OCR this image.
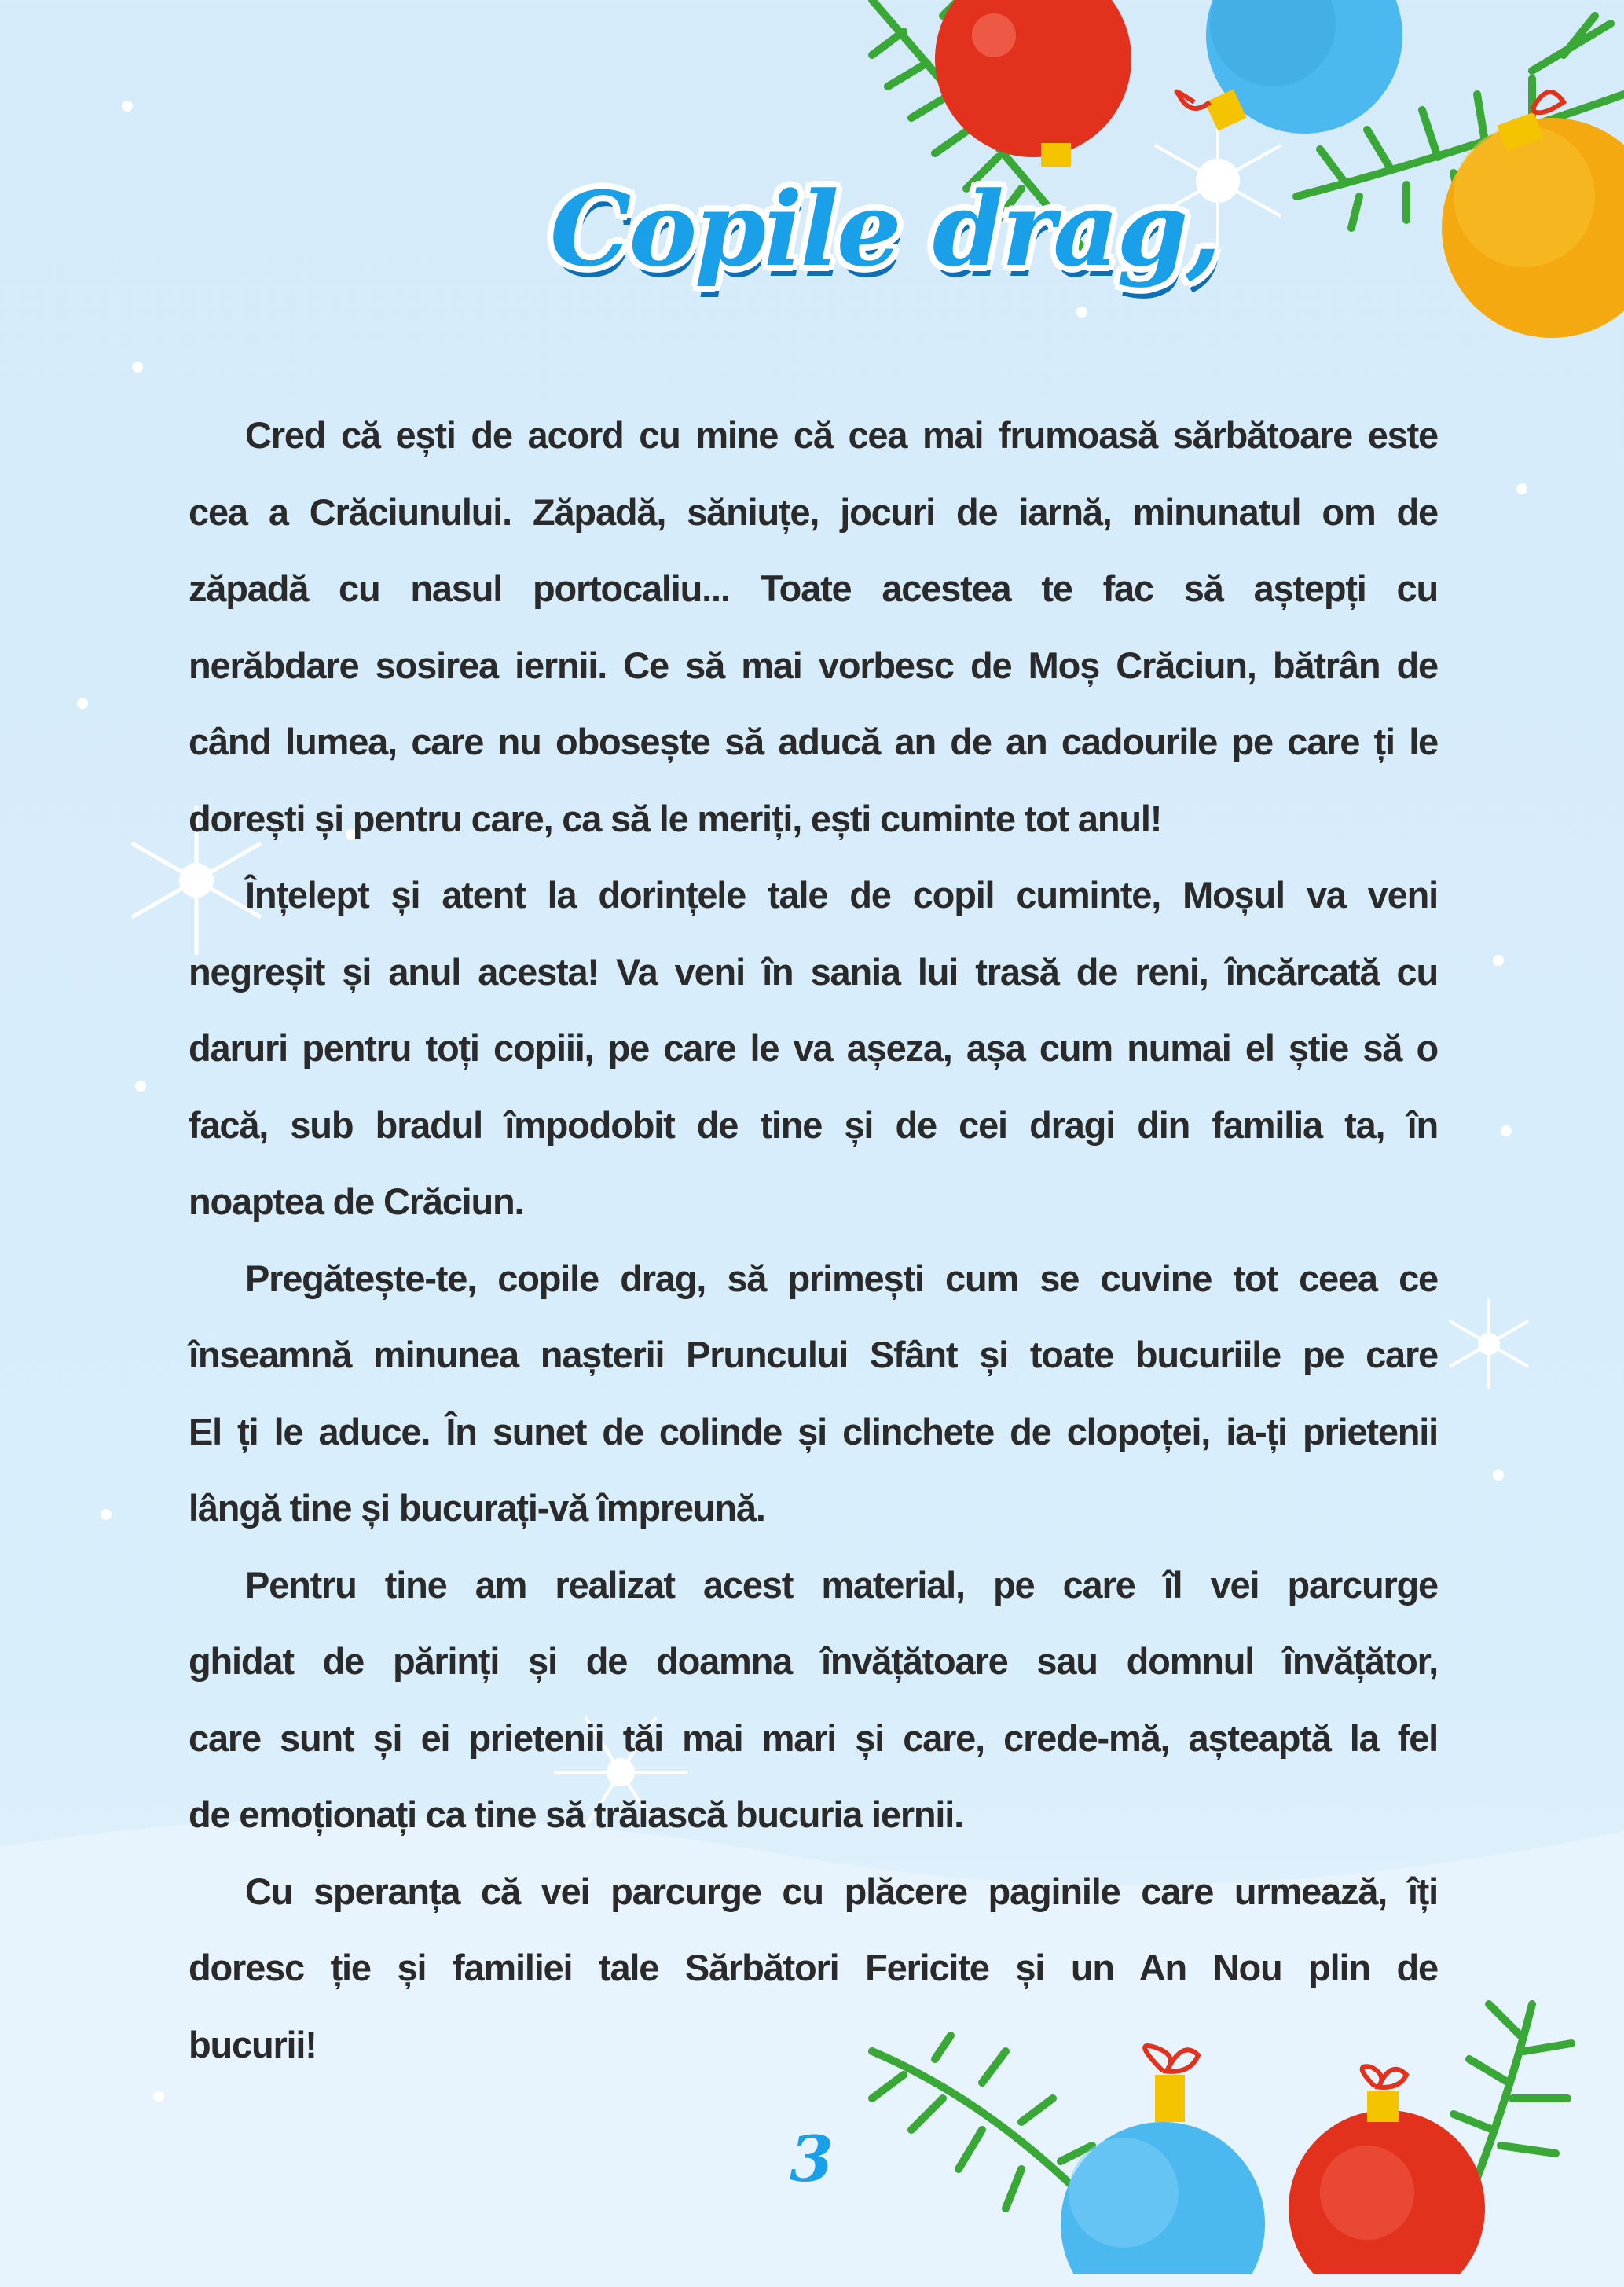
Copile drag,
Cred că ești de acord cu mine că cea mai frumoasă sărbătoare este
cea a Crăciunului. Zăpadă, săniuțe, jocuri de iarnă, minunatul om de
zăpadă cu nasul portocaliu... Toate acestea te fac să aștepți cu
nerăbdare sosirea iernii. Ce să mai vorbesc de Moș Crăciun, bătrân de
când lumea, care nu obosește să aducă an de an cadourile pe care ți le
dorești și pentru care, ca să le meriți, ești cuminte tot anul!
Înțelept și atent la dorințele tale de copil cuminte, Moșul va veni
negreșit și anul acesta! Va veni în sania lui trasă de reni, încărcată cu
daruri pentru toți copiii, pe care le va așeza, așa cum numai el știe să o
facă, sub bradul împodobit de tine și de cei dragi din familia ta, în
noaptea de Crăciun.
Pregătește-te, copile drag, să primești cum se cuvine tot ceea ce
înseamnă minunea nașterii Pruncului Sfânt și toate bucuriile pe care
El ți le aduce. În sunet de colinde și clinchete de clopoței, ia-ți prietenii
lângă tine și bucurați-vă împreună.
Pentru tine am realizat acest material, pe care îl vei parcurge
ghidat de părinți și de doamna învățătoare sau domnul învățător,
care sunt și ei prietenii tăi mai mari și care, crede-mă, așteaptă la fel
de emoționați ca tine să trăiască bucuria iernii.
Cu speranța că vei parcurge cu plăcere paginile care urmează, îți
doresc ție și familiei tale Sărbători Fericite și un An Nou plin de
bucurii!
3
